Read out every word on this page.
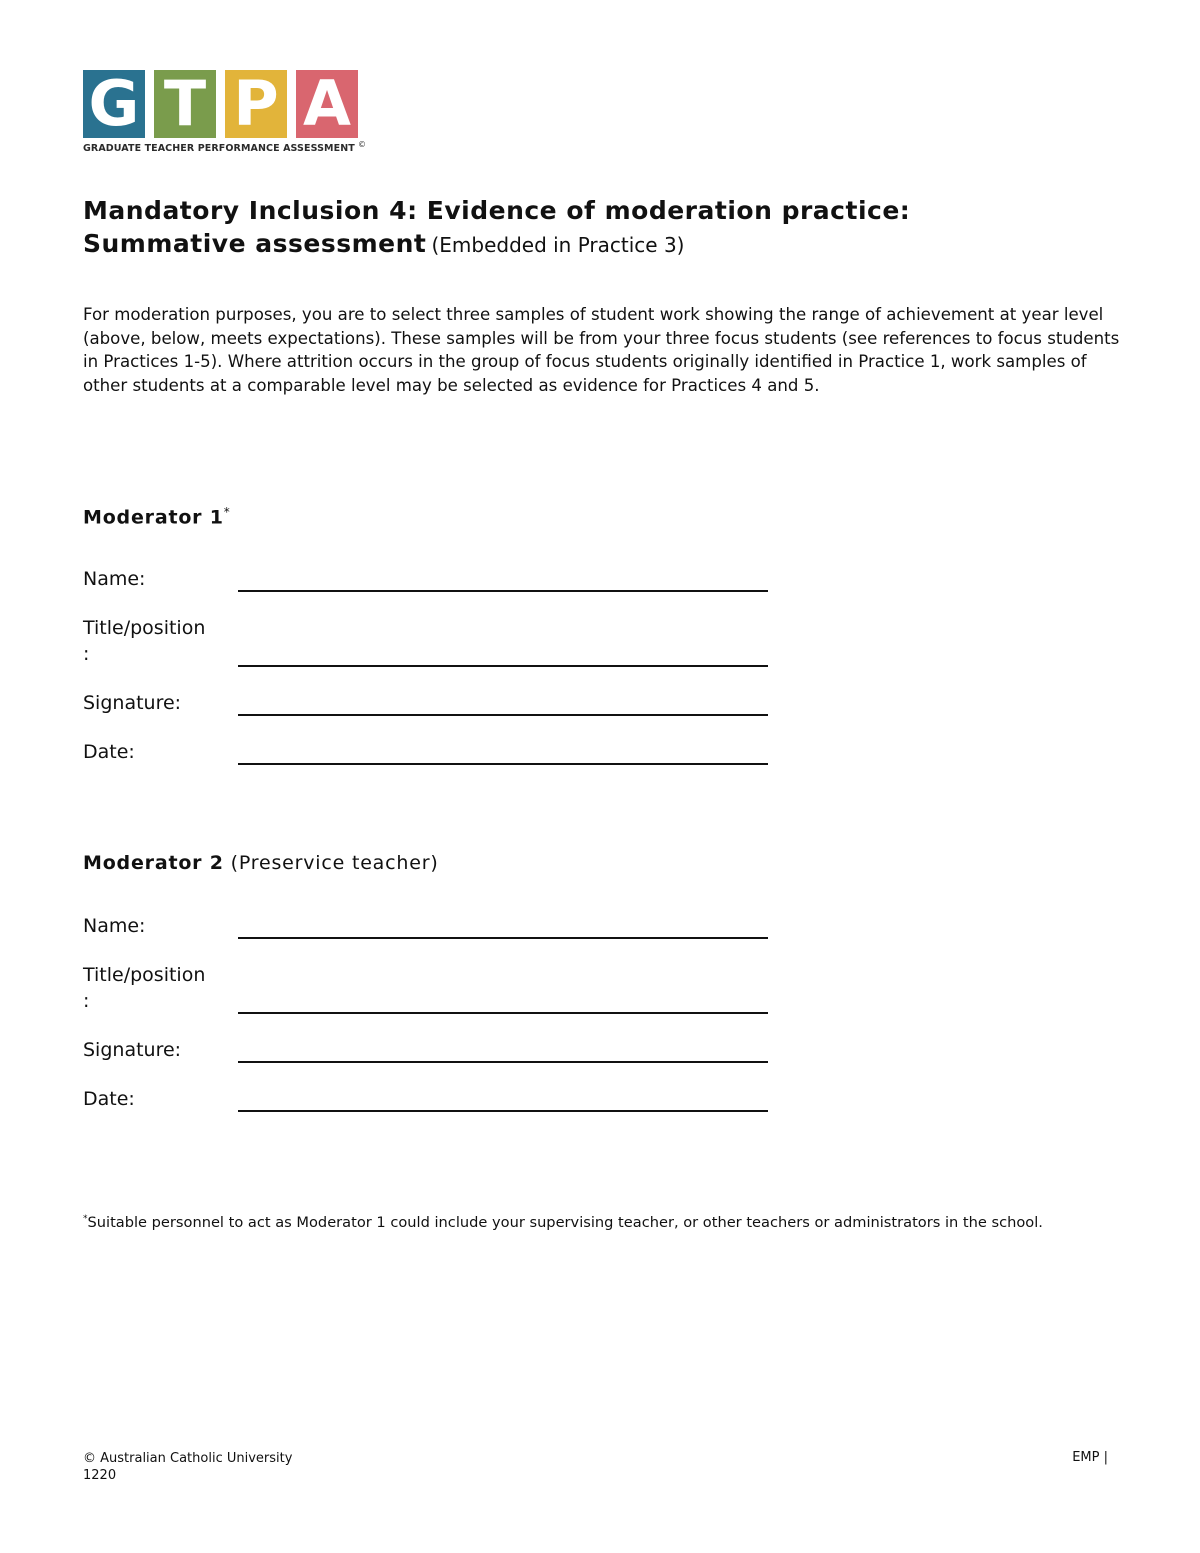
G T P A
GRADUATE TEACHER PERFORMANCE ASSESSMENT ©
Mandatory Inclusion 4: Evidence of moderation practice:
Summative assessment (Embedded in Practice 3)

For moderation purposes, you are to select three samples of student work showing the range of achievement at year level (above, below, meets expectations). These samples will be from your three focus students (see references to focus students in Practices 1-5). Where attrition occurs in the group of focus students originally identified in Practice 1, work samples of other students at a comparable level may be selected as evidence for Practices 4 and 5.

Moderator 1*
Name:
Title/position
:
Signature:
Date:
Moderator 2 (Preservice teacher)
Name:
Title/position
:
Signature:
Date:
*Suitable personnel to act as Moderator 1 could include your supervising teacher, or other teachers or administrators in the school.
© Australian Catholic University
1220
EMP |
